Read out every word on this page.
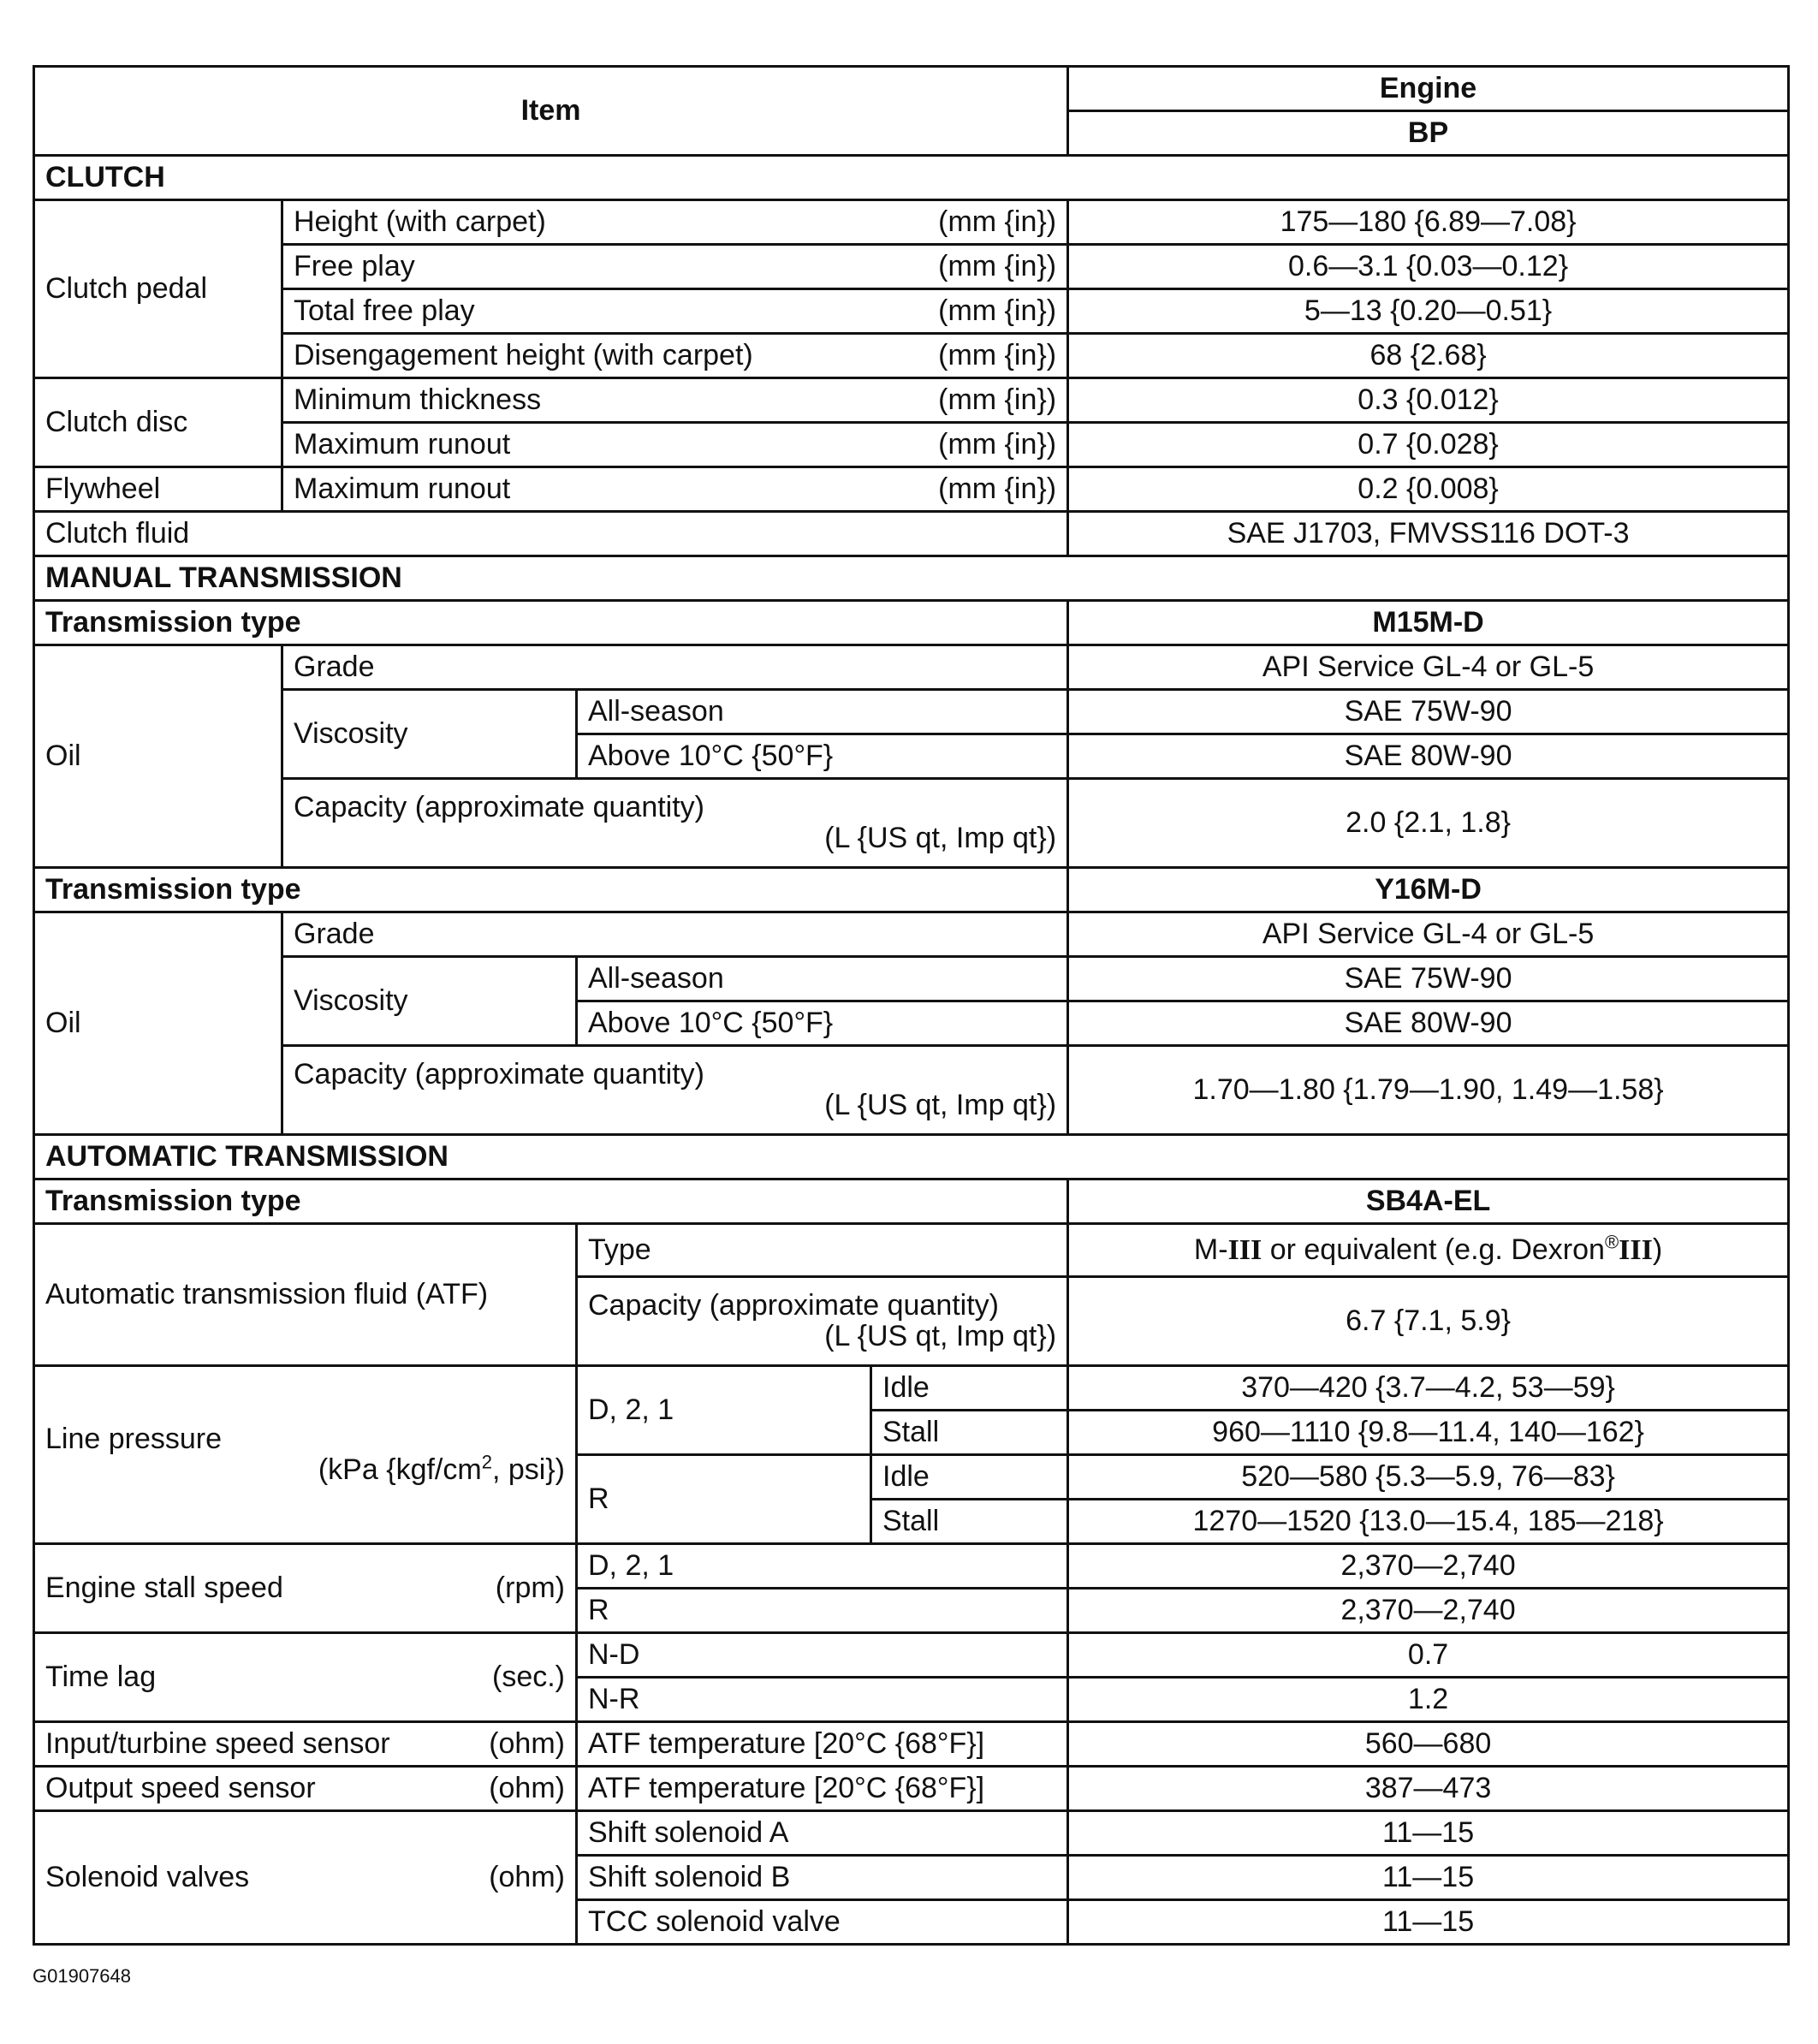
Item				Engine
				BP
CLUTCH				
Clutch pedal	Height (with carpet) (mm {in})			175—180 {6.89—7.08}

	Free play (mm {in})			0.6—3.1 {0.03—0.12}

	Total free play (mm {in})			5—13 {0.20—0.51}

	Disengagement height (with carpet) (mm {in})			68 {2.68}
Clutch disc	Minimum thickness (mm {in})			0.3 {0.012}

	Maximum runout (mm {in})			0.7 {0.028}
Flywheel	Maximum runout (mm {in})			0.2 {0.008}
Clutch fluid				SAE J1703, FMVSS116 DOT-3
MANUAL TRANSMISSION				
Transmission type				M15M-D
Oil	Grade			API Service GL-4 or GL-5
	Viscosity	All-season		SAE 75W-90
		Above 10°C {50°F}		SAE 80W-90

	Capacity (approximate quantity)
(L {US qt, Imp qt})			2.0 {2.1, 1.8}
Transmission type				Y16M-D
Oil	Grade			API Service GL-4 or GL-5
	Viscosity	All-season		SAE 75W-90
		Above 10°C {50°F}		SAE 80W-90

	Capacity (approximate quantity)
(L {US qt, Imp qt})			1.70—1.80 {1.79—1.90, 1.49—1.58}
AUTOMATIC TRANSMISSION				
Transmission type				SB4A-EL
Automatic transmission fluid (ATF)		Type		M-III or equivalent (e.g. Dexron®III)

		Capacity (approximate quantity)
(L {US qt, Imp qt})		6.7 {7.1, 5.9}

Line pressure
(kPa {$kgf/cm^2$, psi})		D, 2, 1	Idle	370—420 {3.7—4.2, 53—59}
			Stall	960—1110 {9.8—11.4, 140—162}
		R	Idle	520—580 {5.3—5.9, 76—83}
			Stall	1270—1520 {13.0—15.4, 185—218}

Engine stall speed (rpm)		D, 2, 1		2,370—2,740
		R		2,370—2,740

Time lag (sec.)		N-D		0.7
		N-R		1.2

Input/turbine speed sensor (ohm)		ATF temperature [20°C {68°F}]		560—680

Output speed sensor (ohm)		ATF temperature [20°C {68°F}]		387—473

Solenoid valves (ohm)		Shift solenoid A		11—15
		Shift solenoid B		11—15
		TCC solenoid valve		11—15
G01907648
